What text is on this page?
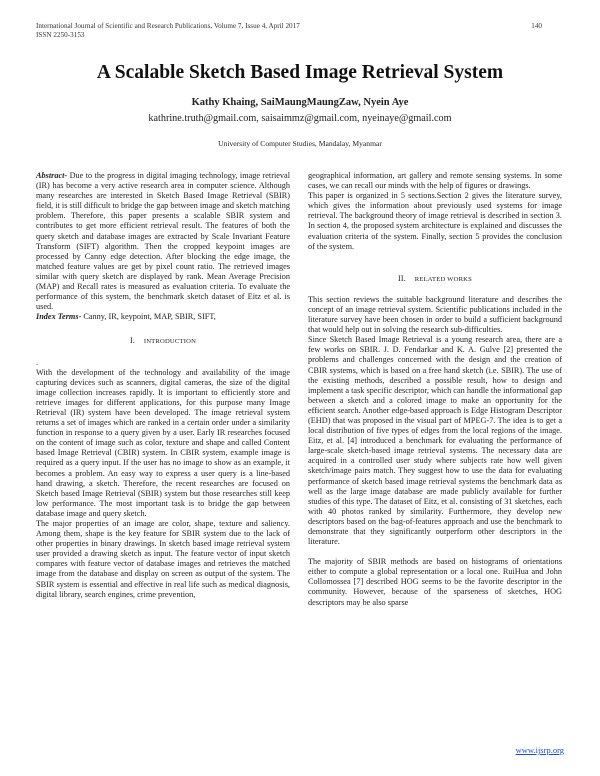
International Journal of Scientific and Research Publications, Volume 7, Issue 4, April 2017
ISSN 2250-3153
140
A Scalable Sketch Based Image Retrieval System
Kathy Khaing, SaiMaungMaungZaw, Nyein Aye
kathrine.truth@gmail.com, saisaimmz@gmail.com, nyeinaye@gmail.com
University of Computer Studies, Mandalay, Myanmar

Abstract- Due to the progress in digital imaging technology, image retrieval (IR) has become a very active research area in computer science. Although many researches are interested in Sketch Based Image Retrieval (SBIR) field, it is still difficult to bridge the gap between image and sketch matching problem. Therefore, this paper presents a scalable SBIR system and contributes to get more efficient retrieval result. The features of both the query sketch and database images are extracted by Scale Invariant Feature Transform (SIFT) algorithm. Then the cropped keypoint images are processed by Canny edge detection. After blocking the edge image, the matched feature values are get by pixel count ratio. The retrieved images similar with query sketch are displayed by rank. Mean Average Precision (MAP) and Recall rates is measured as evaluation criteria. To evaluate the performance of this system, the benchmark sketch dataset of Eitz et al. is used.

Index Terms- Canny, IR, keypoint, MAP, SBIR, SIFT,

I. INTRODUCTION

.

With the development of the technology and availability of the image capturing devices such as scanners, digital cameras, the size of the digital image collection increases rapidly. It is important to efficiently store and retrieve images for different applications, for this purpose many Image Retrieval (IR) system have been developed. The image retrieval system returns a set of images which are ranked in a certain order under a similarity function in response to a query given by a user. Early IR researches focused on the content of image such as color, texture and shape and called Content based Image Retrieval (CBIR) system. In CBIR system, example image is required as a query input. If the user has no image to show as an example, it becomes a problem. An easy way to express a user query is a line-based hand drawing, a sketch. Therefore, the recent researches are focused on Sketch based Image Retrieval (SBIR) system but those researches still keep low performance. The most important task is to bridge the gap between database image and query sketch.

The major properties of an image are color, shape, texture and saliency. Among them, shape is the key feature for SBIR system due to the lack of other properties in binary drawings. In sketch based image retrieval system user provided a drawing sketch as input. The feature vector of input sketch compares with feature vector of database images and retrieves the matched image from the database and display on screen as output of the system. The SBIR system is essential and effective in real life such as medical diagnosis, digital library, search engines, crime prevention,

geographical information, art gallery and remote sensing systems. In some cases, we can recall our minds with the help of figures or drawings.

This paper is organized in 5 sections.Section 2 gives the literature survey, which gives the information about previously used systems for image retrieval. The background theory of image retrieval is described in section 3. In section 4, the proposed system architecture is explained and discusses the evaluation criteria of the system. Finally, section 5 provides the conclusion of the system.

II. RELATED WORKS

This section reviews the suitable background literature and describes the concept of an image retrieval system. Scientific publications included in the literature survey have been chosen in order to build a sufficient background that would help out in solving the research sub-difficulties.

Since Sketch Based Image Retrieval is a young research area, there are a few works on SBIR. J. D. Fendarkar and K. A. Gulve [2] presented the problems and challenges concerned with the design and the creation of CBIR systems, which is based on a free hand sketch (i.e. SBIR). The use of the existing methods, described a possible result, how to design and implement a task specific descriptor, which can handle the informational gap between a sketch and a colored image to make an opportunity for the efficient search. Another edge-based approach is Edge Histogram Descriptor (EHD) that was proposed in the visual part of MPEG-7. The idea is to get a local distribution of five types of edges from the local regions of the image. Eitz, et al. [4] introduced a benchmark for evaluating the performance of large-scale sketch-based image retrieval systems. The necessary data are acquired in a controlled user study where subjects rate how well given sketch/image pairs match. They suggest how to use the data for evaluating performance of sketch based image retrieval systems the benchmark data as well as the large image database are made publicly available for further studies of this type. The dataset of Eitz, et al. consisting of 31 sketches, each with 40 photos ranked by similarity. Furthermore, they develop new descriptors based on the bag-of-features approach and use the benchmark to demonstrate that they significantly outperform other descriptors in the literature.

The majority of SBIR methods are based on histograms of orientations either to compute a global representation or a local one. RuiHua and John Collomossea [7] described HOG seems to be the favorite descriptor in the community. However, because of the sparseness of sketches, HOG descriptors may be also sparse

www.ijsrp.org
